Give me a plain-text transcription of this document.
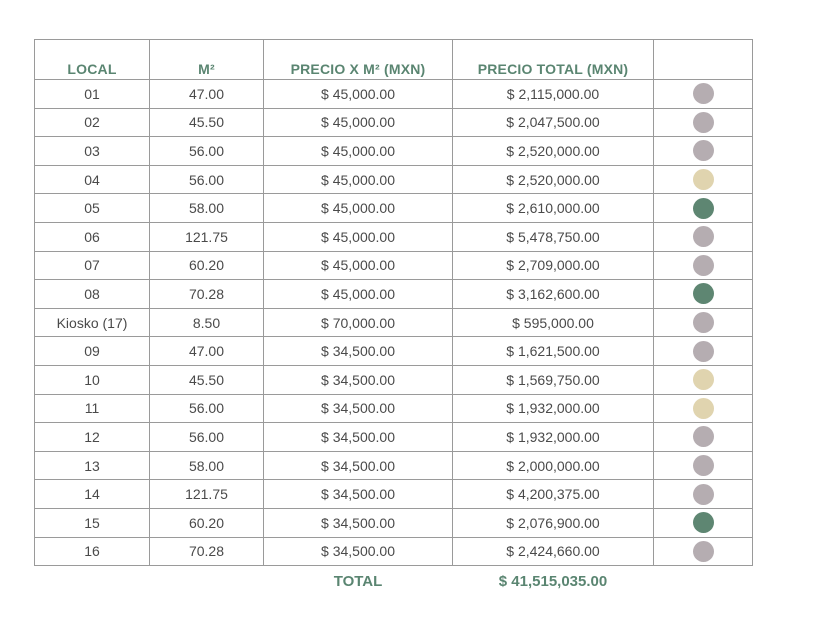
LOCAL	M²	PRECIO X M² (MXN)	PRECIO TOTAL (MXN)	
01	47.00	$ 45,000.00	$ 2,115,000.00	
02	45.50	$ 45,000.00	$ 2,047,500.00	
03	56.00	$ 45,000.00	$ 2,520,000.00	
04	56.00	$ 45,000.00	$ 2,520,000.00	
05	58.00	$ 45,000.00	$ 2,610,000.00	
06	121.75	$ 45,000.00	$ 5,478,750.00	
07	60.20	$ 45,000.00	$ 2,709,000.00	
08	70.28	$ 45,000.00	$ 3,162,600.00	
Kiosko (17)	8.50	$ 70,000.00	$ 595,000.00	
09	47.00	$ 34,500.00	$ 1,621,500.00	
10	45.50	$ 34,500.00	$ 1,569,750.00	
11	56.00	$ 34,500.00	$ 1,932,000.00	
12	56.00	$ 34,500.00	$ 1,932,000.00	
13	58.00	$ 34,500.00	$ 2,000,000.00	
14	121.75	$ 34,500.00	$ 4,200,375.00	
15	60.20	$ 34,500.00	$ 2,076,900.00	
16	70.28	$ 34,500.00	$ 2,424,660.00	
		TOTAL	$ 41,515,035.00	
